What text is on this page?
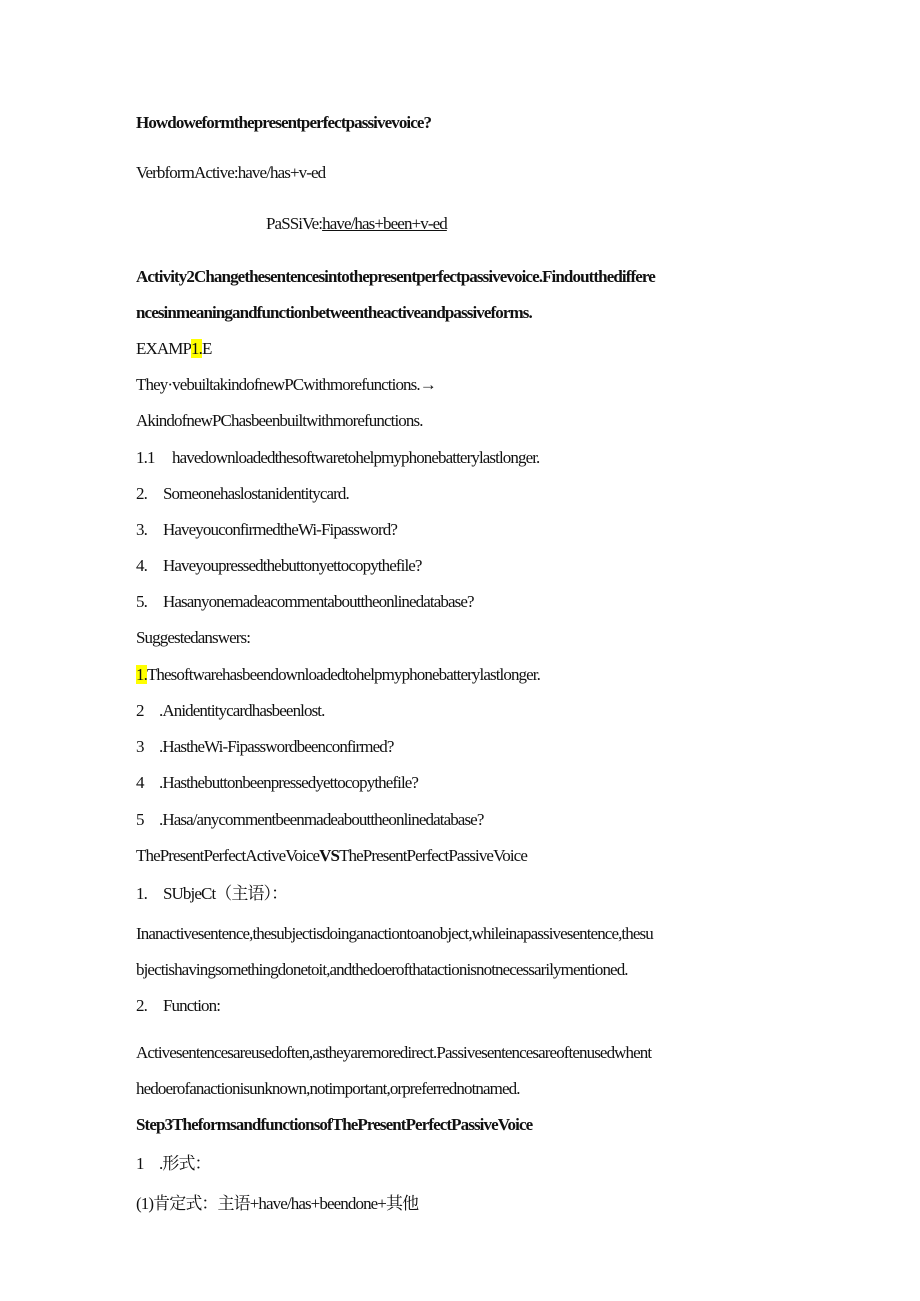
Howdoweformthepresentperfectpassivevoice?
VerbformActive:have/has+v-ed
PaSSiVe:have/has+been+v-ed
Activity2Changethesentencesintothepresentperfectpassivevoice.Findoutthediffere
ncesinmeaningandfunctionbetweentheactiveandpassiveforms.
EXAMP1.E
They·vebuiltakindofnewPCwithmorefunctions.→
AkindofnewPChasbeenbuiltwithmorefunctions.
1.1 havedownloadedthesoftwaretohelpmyphonebatterylastlonger.
2. Someonehaslostanidentitycard.
3. HaveyouconfirmedtheWi-Fipassword?
4. Haveyoupressedthebuttonyettocopythefile?
5. Hasanyonemadeacommentabouttheonlinedatabase?
Suggestedanswers:
1.Thesoftwarehasbeendownloadedtohelpmyphonebatterylastlonger.
2 .Anidentitycardhasbeenlost.
3 .HastheWi-Fipasswordbeenconfirmed?
4 .Hasthebuttonbeenpressedyettocopythefile?
5 .Hasa/anycommentbeenmadeabouttheonlinedatabase?
ThePresentPerfectActiveVoiceVSThePresentPerfectPassiveVoice
1. SUbjeCt（主语）：
Inanactivesentence,thesubjectisdoinganactiontoanobject,whileinapassivesentence,thesu
bjectishavingsomethingdonetoit,andthedoerofthatactionisnotnecessarilymentioned.
2. Function:
Activesentencesareusedoften,astheyaremoredirect.Passivesentencesareoftenusedwhent
hedoerofanactionisunknown,notimportant,orpreferrednotnamed.
Step3TheformsandfunctionsofThePresentPerfectPassiveVoice
1 .形式：
(1)肯定式：主语+have/has+beendone+其他
